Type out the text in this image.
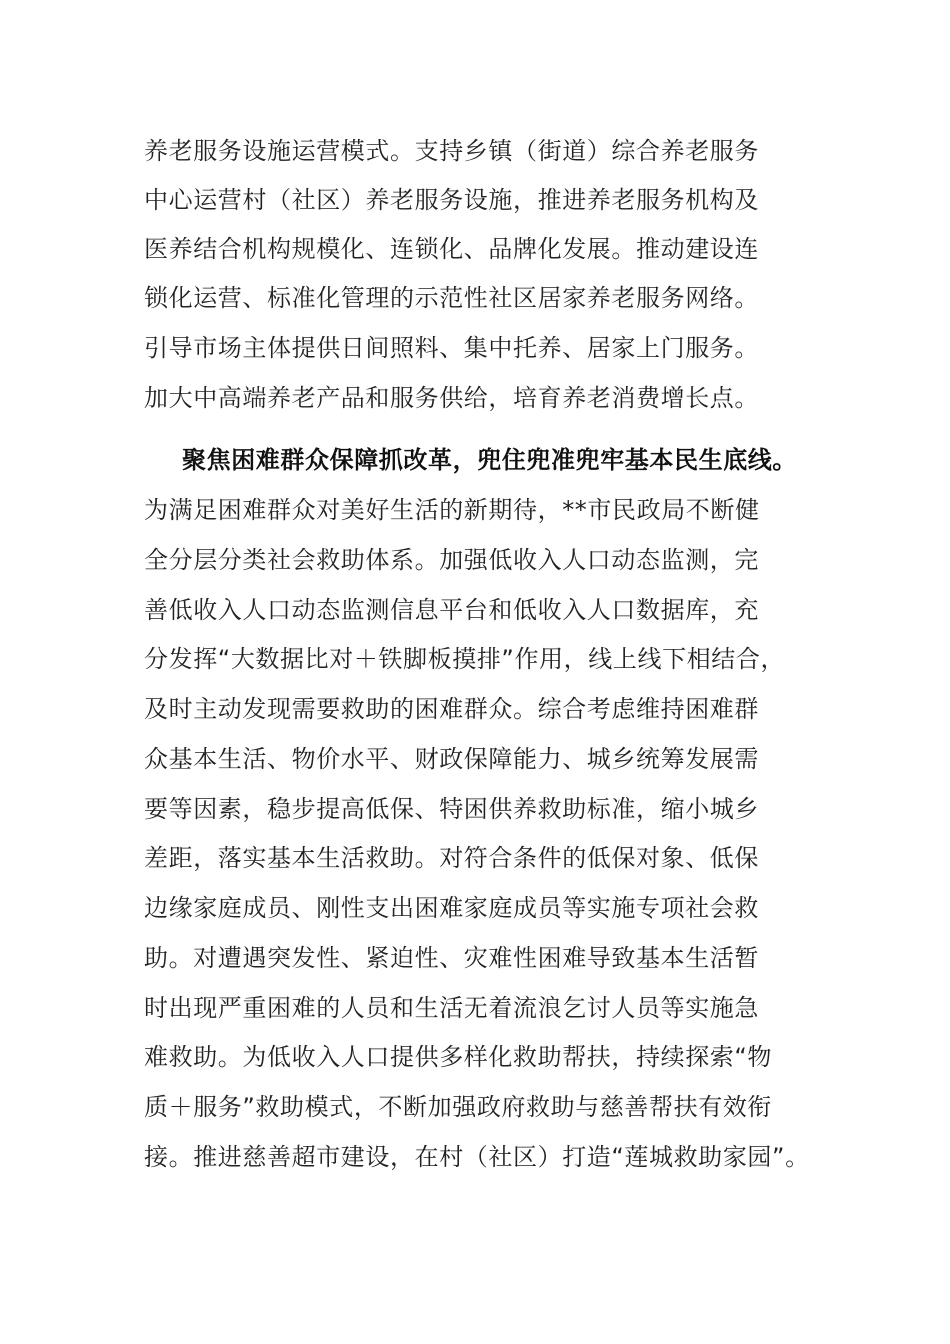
养老服务设施运营模式。支持乡镇（街道）综合养老服务
中心运营村（社区）养老服务设施，推进养老服务机构及
医养结合机构规模化、连锁化、品牌化发展。推动建设连
锁化运营、标准化管理的示范性社区居家养老服务网络。
引导市场主体提供日间照料、集中托养、居家上门服务。
加大中高端养老产品和服务供给，培育养老消费增长点。
聚焦困难群众保障抓改革，兜住兜准兜牢基本民生底线。
为满足困难群众对美好生活的新期待，**市民政局不断健
全分层分类社会救助体系。加强低收入人口动态监测，完
善低收入人口动态监测信息平台和低收入人口数据库，充
分发挥“大数据比对＋铁脚板摸排”作用，线上线下相结合，
及时主动发现需要救助的困难群众。综合考虑维持困难群
众基本生活、物价水平、财政保障能力、城乡统筹发展需
要等因素，稳步提高低保、特困供养救助标准，缩小城乡
差距，落实基本生活救助。对符合条件的低保对象、低保
边缘家庭成员、刚性支出困难家庭成员等实施专项社会救
助。对遭遇突发性、紧迫性、灾难性困难导致基本生活暂
时出现严重困难的人员和生活无着流浪乞讨人员等实施急
难救助。为低收入人口提供多样化救助帮扶，持续探索“物
质＋服务”救助模式，不断加强政府救助与慈善帮扶有效衔
接。推进慈善超市建设，在村（社区）打造“莲城救助家园”。
